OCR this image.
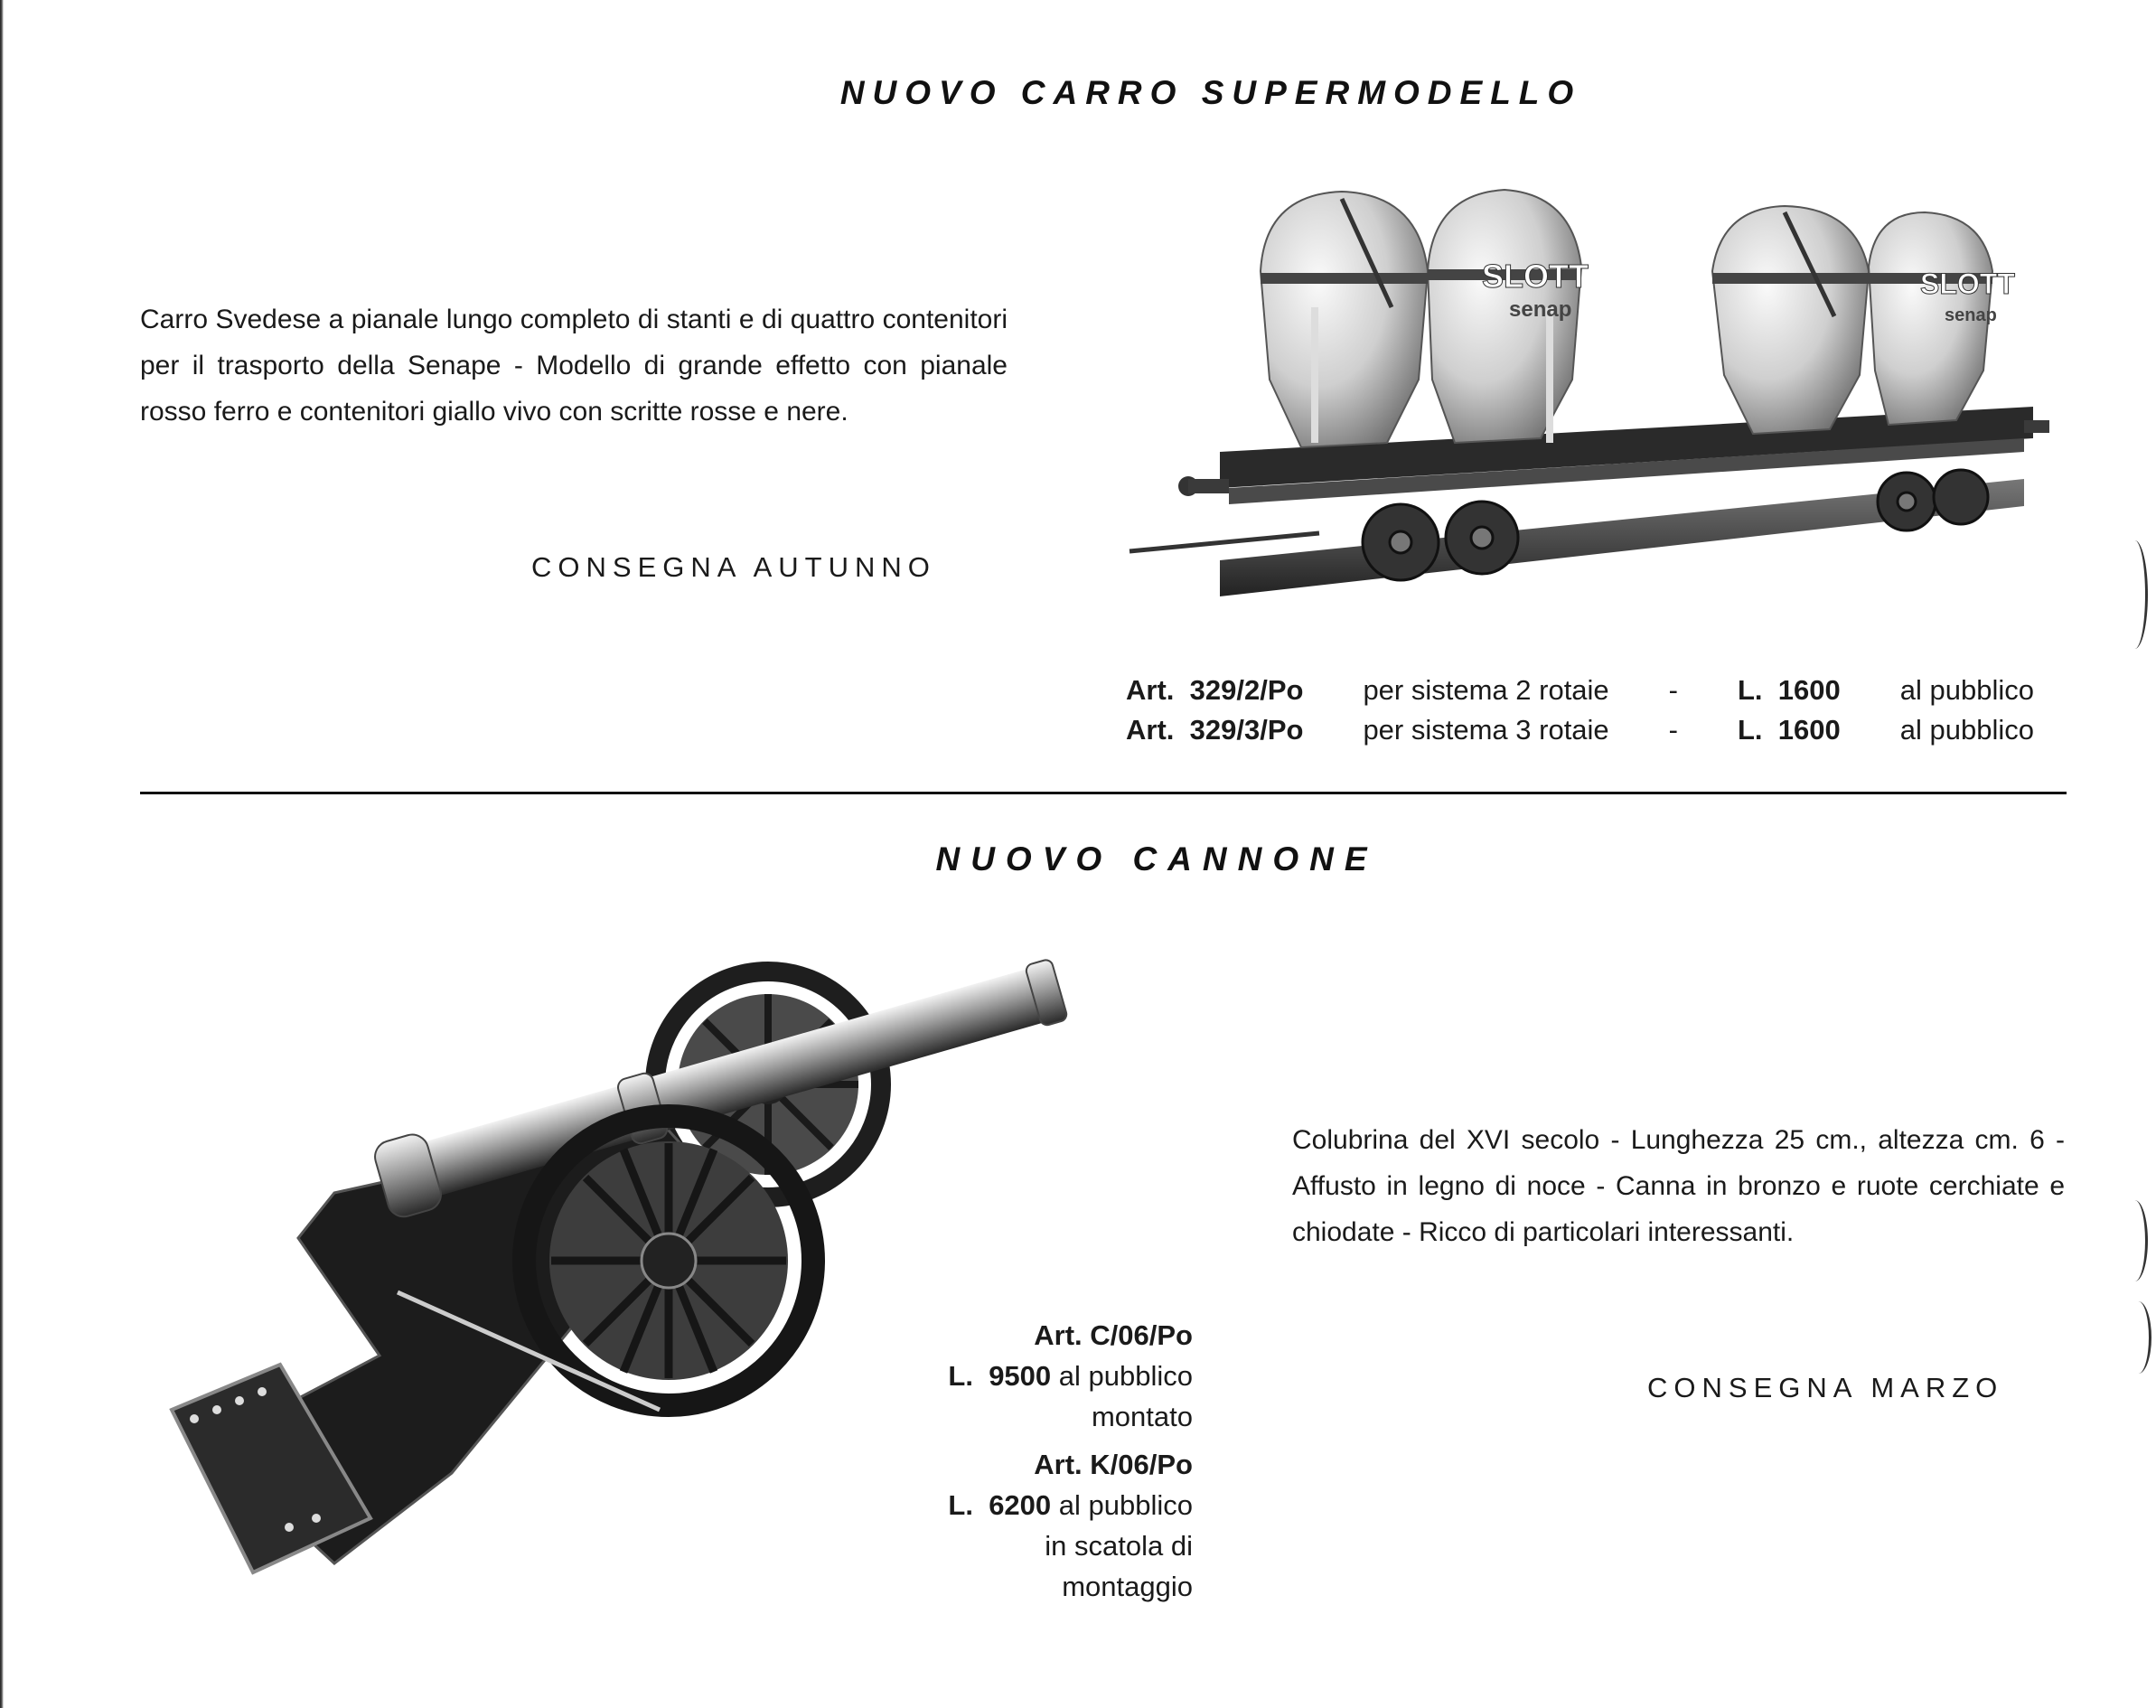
NUOVO CARRO SUPERMODELLO

Carro Svedese a pianale lungo completo di stanti e di quattro contenitori per il trasporto della Senape - Modello di grande effetto con pianale rosso ferro e contenitori giallo vivo con scritte rosse e nere.

CONSEGNA AUTUNNO
SLOTT
senap
SLOTT
senap
Art. 329/2/Po per sistema 2 rotaie - L. 1600 al pubblico
Art. 329/3/Po per sistema 3 rotaie - L. 1600 al pubblico
NUOVO CANNONE
Art. C/06/Po
L. 9500 al pubblico
montato
Art. K/06/Po
L. 6200 al pubblico
in scatola di montaggio

Colubrina del XVI secolo - Lunghezza 25 cm., altezza cm. 6 - Affusto in legno di noce - Canna in bronzo e ruote cerchiate e chiodate - Ricco di particolari interessanti.

CONSEGNA MARZO
